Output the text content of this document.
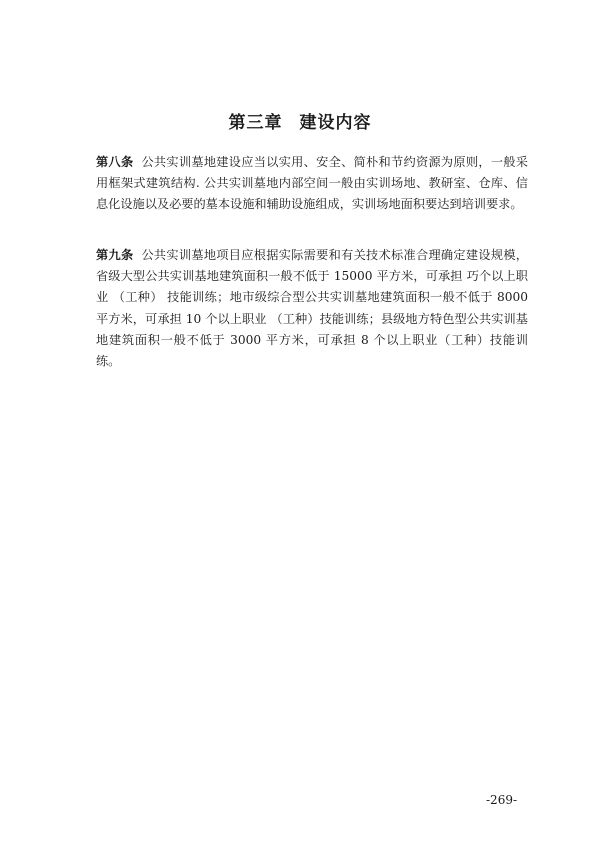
第三章 建设内容

第八条 公共实训墓地建设应当以实用、安全、简朴和节约资源为原则，一般采用框架式建筑结构. 公共实训墓地内部空间一般由实训场地、教研室、仓库、信息化设施以及必要的墓本设施和辅助设施组成，实训场地面积要达到培训要求。

第九条 公共实训墓地项目应根据实际需要和有关技术标准合理确定建设规模，省级大型公共实训基地建筑面积一般不低于 15000 平方米，可承担 巧个以上职业 （工种） 技能训练；地市级综合型公共实训墓地建筑面积一般不低于 8000 平方米，可承担 10 个以上职业 （工种）技能训练；县级地方特色型公共实训基地建筑面积一般不低于 3000 平方米，可承担 8 个以上职业（工种）技能训练。

-269-
